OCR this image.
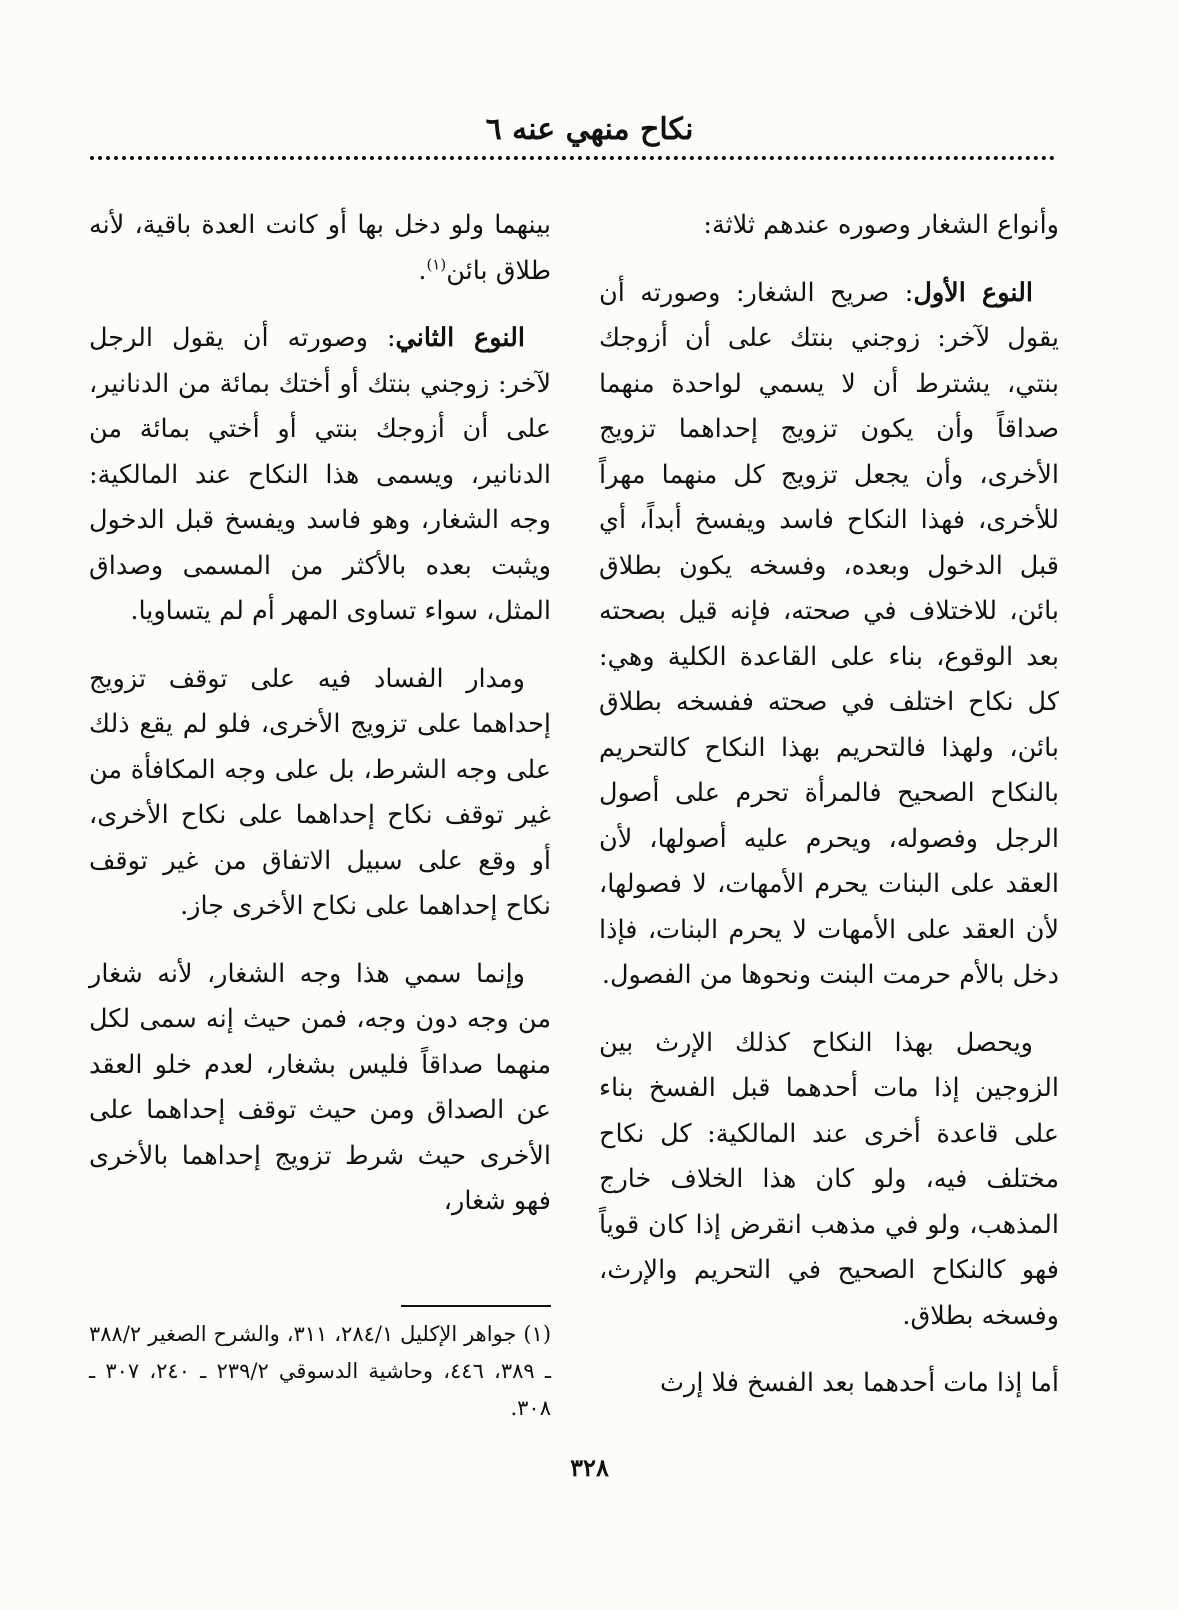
نكاح منهي عنه ٦

وأنواع الشغار وصوره عندهم ثلاثة:

النوع الأول: صريح الشغار: وصورته أن يقول لآخر: زوجني بنتك على أن أزوجك بنتي، يشترط أن لا يسمي لواحدة منهما صداقاً وأن يكون تزويج إحداهما تزويج الأخرى، وأن يجعل تزويج كل منهما مهراً للأخرى، فهذا النكاح فاسد ويفسخ أبداً، أي قبل الدخول وبعده، وفسخه يكون بطلاق بائن، للاختلاف في صحته، فإنه قيل بصحته بعد الوقوع، بناء على القاعدة الكلية وهي: كل نكاح اختلف في صحته ففسخه بطلاق بائن، ولهذا فالتحريم بهذا النكاح كالتحريم بالنكاح الصحيح فالمرأة تحرم على أصول الرجل وفصوله، ويحرم عليه أصولها، لأن العقد على البنات يحرم الأمهات، لا فصولها، لأن العقد على الأمهات لا يحرم البنات، فإذا دخل بالأم حرمت البنت ونحوها من الفصول.

ويحصل بهذا النكاح كذلك الإرث بين الزوجين إذا مات أحدهما قبل الفسخ بناء على قاعدة أخرى عند المالكية: كل نكاح مختلف فيه، ولو كان هذا الخلاف خارج المذهب، ولو في مذهب انقرض إذا كان قوياً فهو كالنكاح الصحيح في التحريم والإرث، وفسخه بطلاق.

أما إذا مات أحدهما بعد الفسخ فلا إرث

بينهما ولو دخل بها أو كانت العدة باقية، لأنه طلاق بائن$^{(١)}$.

النوع الثاني: وصورته أن يقول الرجل لآخر: زوجني بنتك أو أختك بمائة من الدنانير، على أن أزوجك بنتي أو أختي بمائة من الدنانير، ويسمى هذا النكاح عند المالكية: وجه الشغار، وهو فاسد ويفسخ قبل الدخول ويثبت بعده بالأكثر من المسمى وصداق المثل، سواء تساوى المهر أم لم يتساويا.

ومدار الفساد فيه على توقف تزويج إحداهما على تزويج الأخرى، فلو لم يقع ذلك على وجه الشرط، بل على وجه المكافأة من غير توقف نكاح إحداهما على نكاح الأخرى، أو وقع على سبيل الاتفاق من غير توقف نكاح إحداهما على نكاح الأخرى جاز.

وإنما سمي هذا وجه الشغار، لأنه شغار من وجه دون وجه، فمن حيث إنه سمى لكل منهما صداقاً فليس بشغار، لعدم خلو العقد عن الصداق ومن حيث توقف إحداهما على الأخرى حيث شرط تزويج إحداهما بالأخرى فهو شغار،

(١) جواهر الإكليل ٢٨٤/١، ٣١١، والشرح الصغير ٣٨٨/٢ ـ ٣٨٩، ٤٤٦، وحاشية الدسوقي ٢٣٩/٢ ـ ٢٤٠، ٣٠٧ ـ ٣٠٨.
٣٢٨
